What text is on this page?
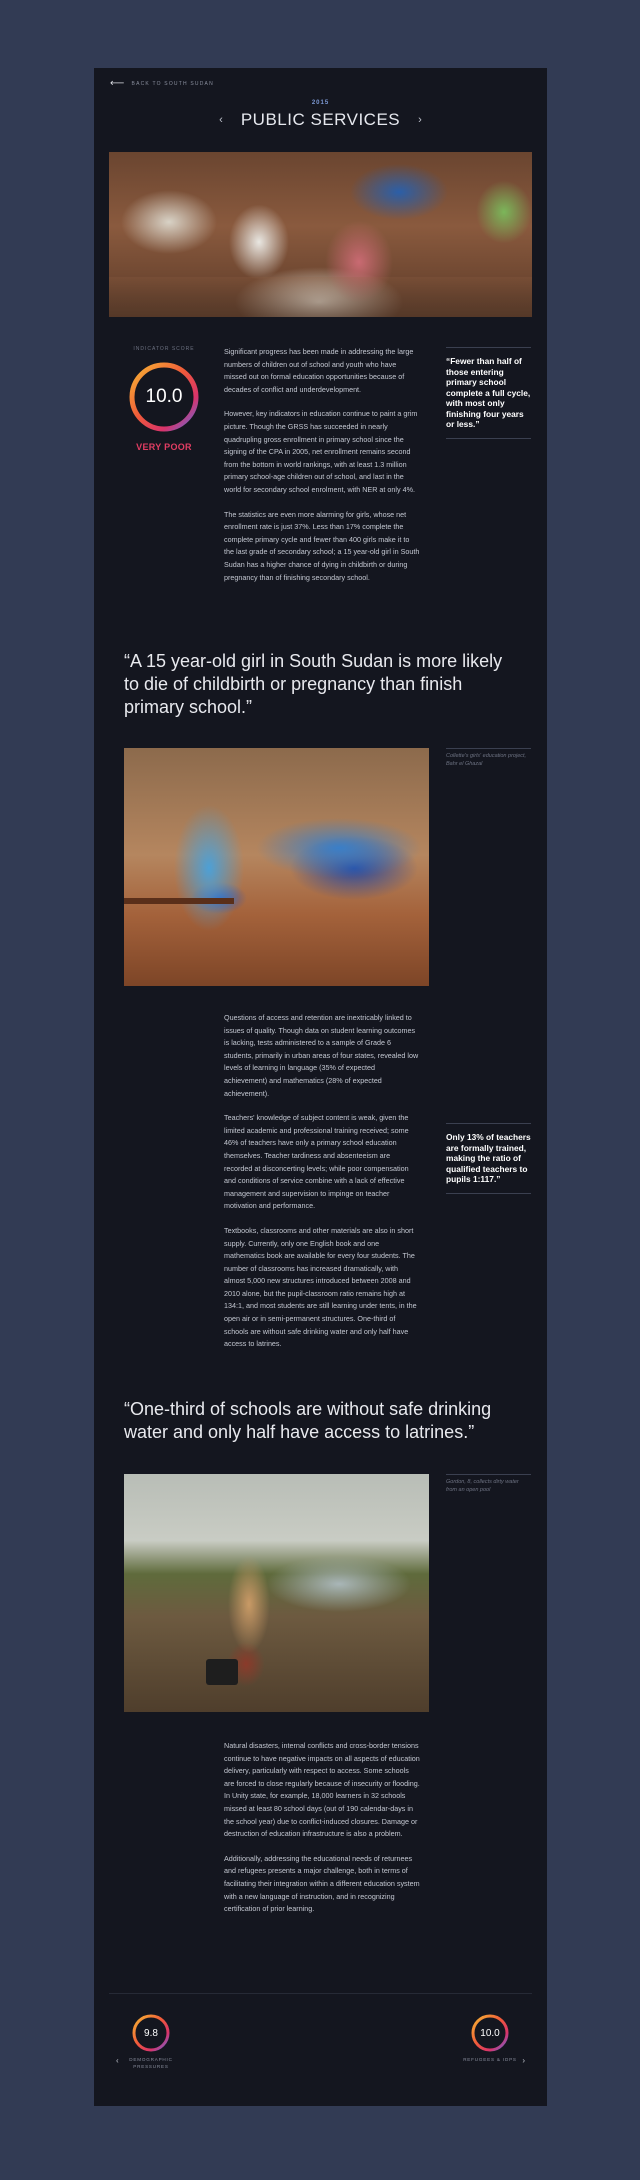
⟵ BACK TO SOUTH SUDAN
2015
‹ PUBLIC SERVICES ›
INDICATOR SCORE
10.0
VERY POOR

Significant progress has been made in addressing the large numbers of children out of school and youth who have missed out on formal education opportunities because of decades of conflict and underdevelopment.

However, key indicators in education continue to paint a grim picture. Though the GRSS has succeeded in nearly quadrupling gross enrollment in primary school since the signing of the CPA in 2005, net enrollment remains second from the bottom in world rankings, with at least 1.3 million primary school-age children out of school, and last in the world for secondary school enrolment, with NER at only 4%.

The statistics are even more alarming for girls, whose net enrollment rate is just 37%. Less than 17% complete the complete primary cycle and fewer than 400 girls make it to the last grade of secondary school; a 15 year-old girl in South Sudan has a higher chance of dying in childbirth or during pregnancy than of finishing secondary school.

“Fewer than half of those entering primary school complete a full cycle, with most only finishing four years or less.”
“A 15 year-old girl in South Sudan is more likely to die of childbirth or pregnancy than finish primary school.”
Collette's girls' education project, Bahr el Ghazal

Questions of access and retention are inextricably linked to issues of quality. Though data on student learning outcomes is lacking, tests administered to a sample of Grade 6 students, primarily in urban areas of four states, revealed low levels of learning in language (35% of expected achievement) and mathematics (28% of expected achievement).

Teachers' knowledge of subject content is weak, given the limited academic and professional training received; some 46% of teachers have only a primary school education themselves. Teacher tardiness and absenteeism are recorded at disconcerting levels; while poor compensation and conditions of service combine with a lack of effective management and supervision to impinge on teacher motivation and performance.

Textbooks, classrooms and other materials are also in short supply. Currently, only one English book and one mathematics book are available for every four students. The number of classrooms has increased dramatically, with almost 5,000 new structures introduced between 2008 and 2010 alone, but the pupil-classroom ratio remains high at 134:1, and most students are still learning under tents, in the open air or in semi-permanent structures. One-third of schools are without safe drinking water and only half have access to latrines.

Only 13% of teachers are formally trained, making the ratio of qualified teachers to pupils 1:117.”
“One-third of schools are without safe drinking water and only half have access to latrines.”
Gordon, 8, collects dirty water from an open pool

Natural disasters, internal conflicts and cross-border tensions continue to have negative impacts on all aspects of education delivery, particularly with respect to access. Some schools are forced to close regularly because of insecurity or flooding. In Unity state, for example, 18,000 learners in 32 schools missed at least 80 school days (out of 190 calendar-days in the school year) due to conflict-induced closures. Damage or destruction of education infrastructure is also a problem.

Additionally, addressing the educational needs of returnees and refugees presents a major challenge, both in terms of facilitating their integration within a different education system with a new language of instruction, and in recognizing certification of prior learning.

9.8
‹	DEMOGRAPHIC PRESSURES
10.0
›
REFUGEES & IDPS
